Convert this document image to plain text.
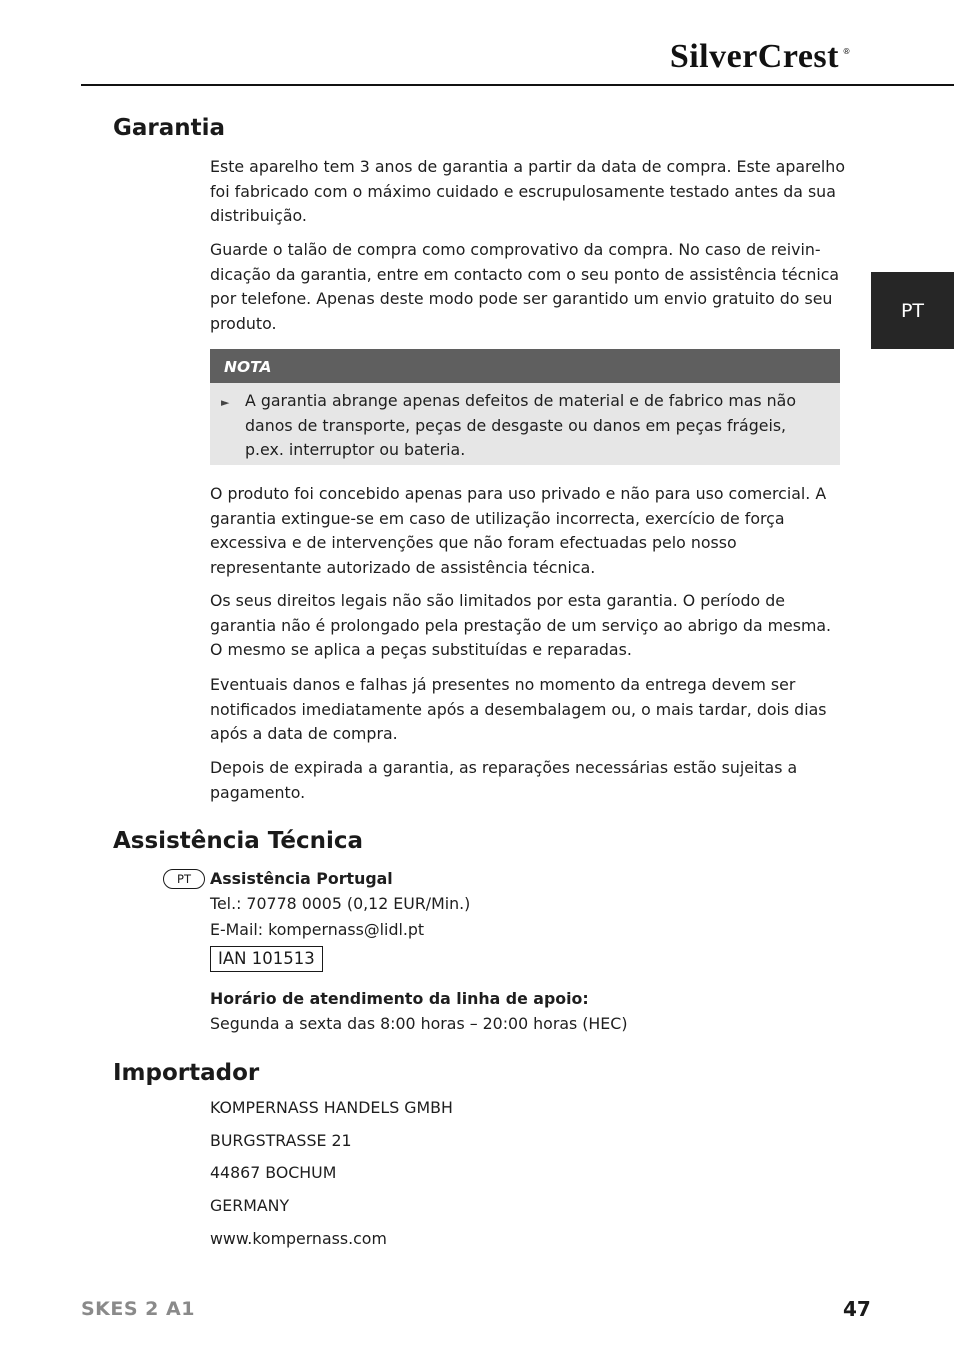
SilverCrest ®
PT
Garantia

Este aparelho tem 3 anos de garantia a partir da data de compra. Este aparelho foi fabricado com o máximo cuidado e escrupulosamente testado antes da sua distribuição.

Guarde o talão de compra como comprovativo da compra. No caso de reivindicação da garantia, entre em contacto com o seu ponto de assistência técnica por telefone. Apenas deste modo pode ser garantido um envio gratuito do seu produto.

NOTA
► A garantia abrange apenas defeitos de material e de fabrico mas não danos de transporte, peças de desgaste ou danos em peças frágeis, p.ex. interruptor ou bateria.

O produto foi concebido apenas para uso privado e não para uso comercial. A garantia extingue-se em caso de utilização incorrecta, exercício de força excessiva e de intervenções que não foram efectuadas pelo nosso representante autorizado de assistência técnica.

Os seus direitos legais não são limitados por esta garantia. O período de garantia não é prolongado pela prestação de um serviço ao abrigo da mesma. O mesmo se aplica a peças substituídas e reparadas.

Eventuais danos e falhas já presentes no momento da entrega devem ser notificados imediatamente após a desembalagem ou, o mais tardar, dois dias após a data de compra.

Depois de expirada a garantia, as reparações necessárias estão sujeitas a pagamento.

Assistência Técnica
PT	Assistência Portugal

Tel.: 70778 0005 (0,12 EUR/Min.)

E-Mail: kompernass@lidl.pt

IAN 101513

Horário de atendimento da linha de apoio:

Segunda a sexta das 8:00 horas – 20:00 horas (HEC)

Importador

KOMPERNASS HANDELS GMBH

BURGSTRASSE 21

44867 BOCHUM

GERMANY

www.kompernass.com

SKES 2 A1	47
